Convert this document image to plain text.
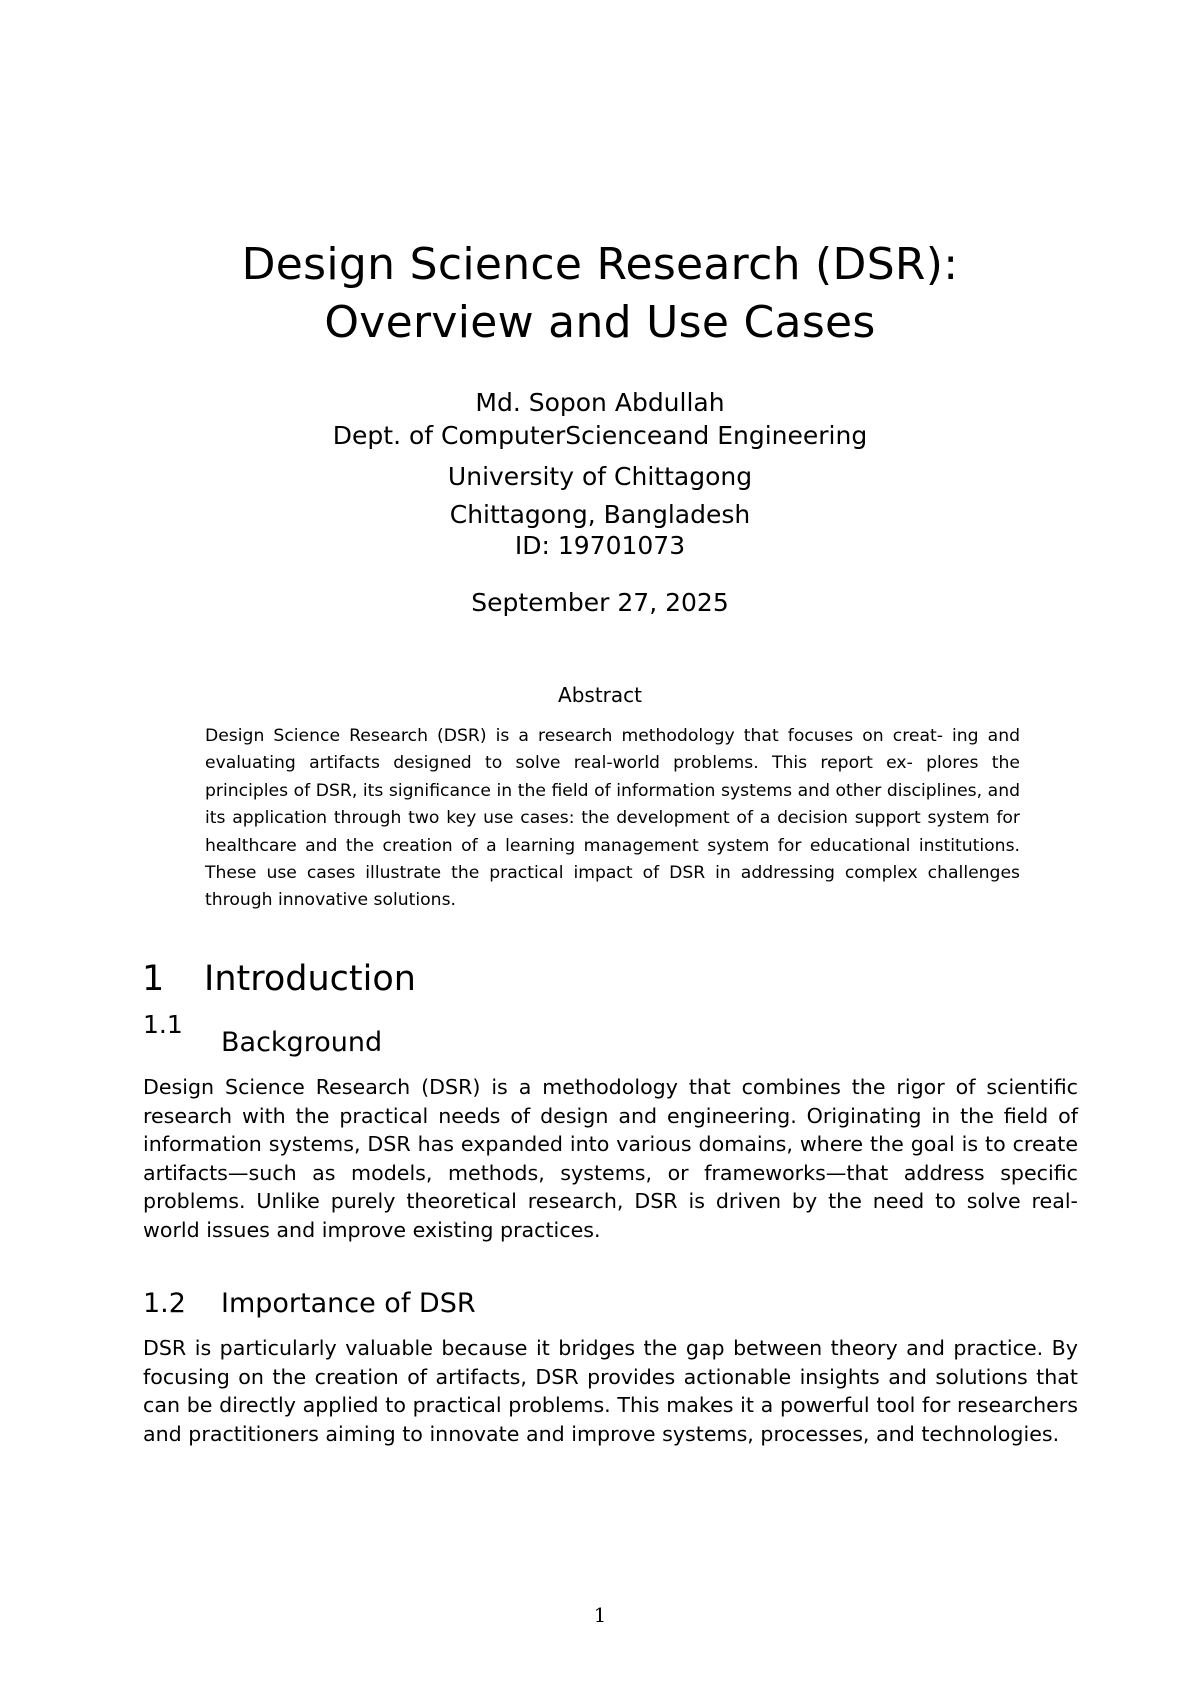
Design Science Research (DSR):
Overview and Use Cases

Md. Sopon Abdullah

Dept. of ComputerScienceand Engineering

University of Chittagong

Chittagong, Bangladesh

ID: 19701073

September 27, 2025

Abstract

Design Science Research (DSR) is a research methodology that focuses on creat- ing and evaluating artifacts designed to solve real-world problems. This report ex- plores the principles of DSR, its significance in the field of information systems and other disciplines, and its application through two key use cases: the development of a decision support system for healthcare and the creation of a learning management system for educational institutions. These use cases illustrate the practical impact of DSR in addressing complex challenges through innovative solutions.

1 Introduction

1.1

Background

Design Science Research (DSR) is a methodology that combines the rigor of scientific research with the practical needs of design and engineering. Originating in the field of information systems, DSR has expanded into various domains, where the goal is to create artifacts—such as models, methods, systems, or frameworks—that address specific problems. Unlike purely theoretical research, DSR is driven by the need to solve real- world issues and improve existing practices.

1.2 Importance of DSR

DSR is particularly valuable because it bridges the gap between theory and practice. By focusing on the creation of artifacts, DSR provides actionable insights and solutions that can be directly applied to practical problems. This makes it a powerful tool for researchers and practitioners aiming to innovate and improve systems, processes, and technologies.

1
